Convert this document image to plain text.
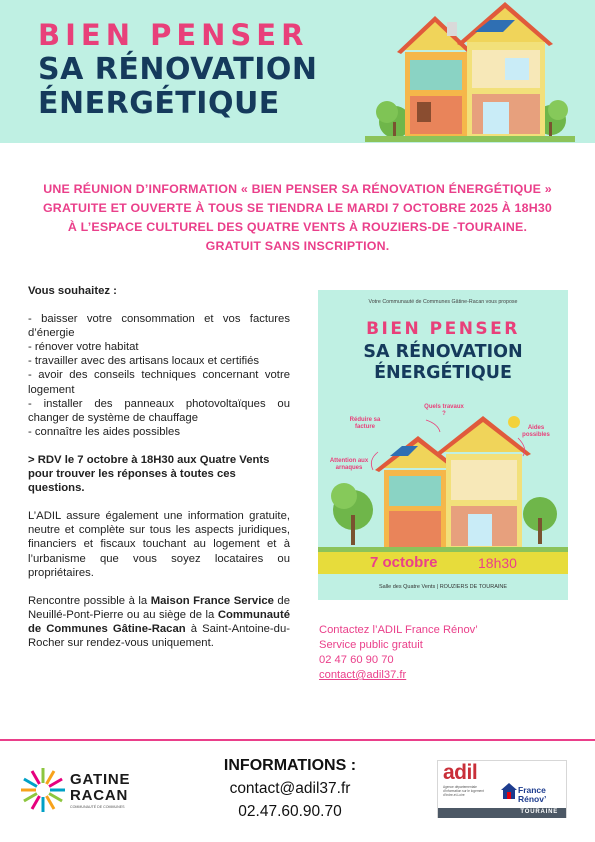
BIEN PENSER
SA RÉNOVATION
ÉNERGÉTIQUE
UNE RÉUNION D’INFORMATION « BIEN PENSER SA RÉNOVATION ÉNERGÉTIQUE »
GRATUITE ET OUVERTE À TOUS SE TIENDRA LE MARDI 7 OCTOBRE 2025 À 18H30
À L’ESPACE CULTUREL DES QUATRE VENTS À ROUZIERS-DE -TOURAINE.
GRATUIT SANS INSCRIPTION.

Vous souhaitez :

- baisser votre consommation et vos factures d’énergie
- rénover votre habitat
- travailler avec des artisans locaux et certifiés
- avoir des conseils techniques concernant votre logement
- installer des panneaux photovoltaïques ou changer de système de chauffage
- connaître les aides possibles

> RDV le 7 octobre à 18H30 aux Quatre Vents pour trouver les réponses à toutes ces questions.

L’ADIL assure également une information gratuite, neutre et complète sur tous les aspects juridiques, financiers et fiscaux touchant au logement et à l’urbanisme que vous soyez locataires ou propriétaires.

Rencontre possible à la Maison France Service de Neuillé-Pont-Pierre ou au siège de la Communauté de Communes Gâtine-Racan à Saint-Antoine-du-Rocher sur rendez-vous uniquement.

Votre Communauté de Communes Gâtine-Racan vous propose
BIEN PENSER
SA RÉNOVATION
ÉNERGÉTIQUE
Réduire sa facture
Quels travaux ?
Aides possibles
Attention aux arnaques
7 octobre	18h30
Salle des Quatre Vents | ROUZIERS DE TOURAINE
Contactez l’ADIL France Rénov’
Service public gratuit
02 47 60 90 70
contact@adil37.fr
GATINE
RACAN
COMMUNAUTÉ DE COMMUNES
INFORMATIONS :
contact@adil37.fr
02.47.60.90.70
adil
Agence départementale d’information sur le logement d’Indre-et-Loire	France
Rénov’
TOURAINE
